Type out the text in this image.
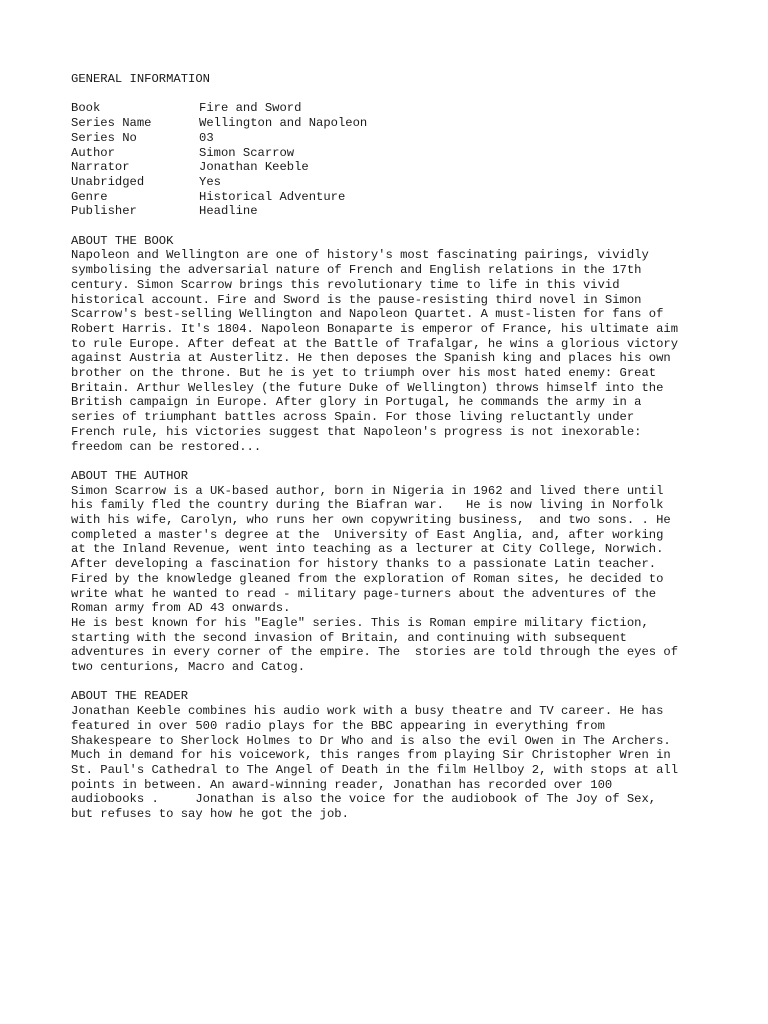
GENERAL INFORMATION
Book	Fire and Sword
Series Name	Wellington and Napoleon
Series No	03
Author	Simon Scarrow
Narrator	Jonathan Keeble
Unabridged	Yes
Genre	Historical Adventure
Publisher	Headline
ABOUT THE BOOK
Napoleon and Wellington are one of history's most fascinating pairings, vividly
symbolising the adversarial nature of French and English relations in the 17th
century. Simon Scarrow brings this revolutionary time to life in this vivid
historical account. Fire and Sword is the pause-resisting third novel in Simon
Scarrow's best-selling Wellington and Napoleon Quartet. A must-listen for fans of
Robert Harris. It's 1804. Napoleon Bonaparte is emperor of France, his ultimate aim
to rule Europe. After defeat at the Battle of Trafalgar, he wins a glorious victory
against Austria at Austerlitz. He then deposes the Spanish king and places his own
brother on the throne. But he is yet to triumph over his most hated enemy: Great
Britain. Arthur Wellesley (the future Duke of Wellington) throws himself into the
British campaign in Europe. After glory in Portugal, he commands the army in a
series of triumphant battles across Spain. For those living reluctantly under
French rule, his victories suggest that Napoleon's progress is not inexorable:
freedom can be restored...
ABOUT THE AUTHOR
Simon Scarrow is a UK-based author, born in Nigeria in 1962 and lived there until
his family fled the country during the Biafran war.   He is now living in Norfolk
with his wife, Carolyn, who runs her own copywriting business,  and two sons. . He
completed a master's degree at the  University of East Anglia, and, after working
at the Inland Revenue, went into teaching as a lecturer at City College, Norwich.
After developing a fascination for history thanks to a passionate Latin teacher.
Fired by the knowledge gleaned from the exploration of Roman sites, he decided to
write what he wanted to read - military page-turners about the adventures of the
Roman army from AD 43 onwards.
He is best known for his "Eagle" series. This is Roman empire military fiction,
starting with the second invasion of Britain, and continuing with subsequent
adventures in every corner of the empire. The  stories are told through the eyes of
two centurions, Macro and Catog.
ABOUT THE READER
Jonathan Keeble combines his audio work with a busy theatre and TV career. He has
featured in over 500 radio plays for the BBC appearing in everything from
Shakespeare to Sherlock Holmes to Dr Who and is also the evil Owen in The Archers.
Much in demand for his voicework, this ranges from playing Sir Christopher Wren in
St. Paul's Cathedral to The Angel of Death in the film Hellboy 2, with stops at all
points in between. An award-winning reader, Jonathan has recorded over 100
audiobooks .     Jonathan is also the voice for the audiobook of The Joy of Sex,
but refuses to say how he got the job.
